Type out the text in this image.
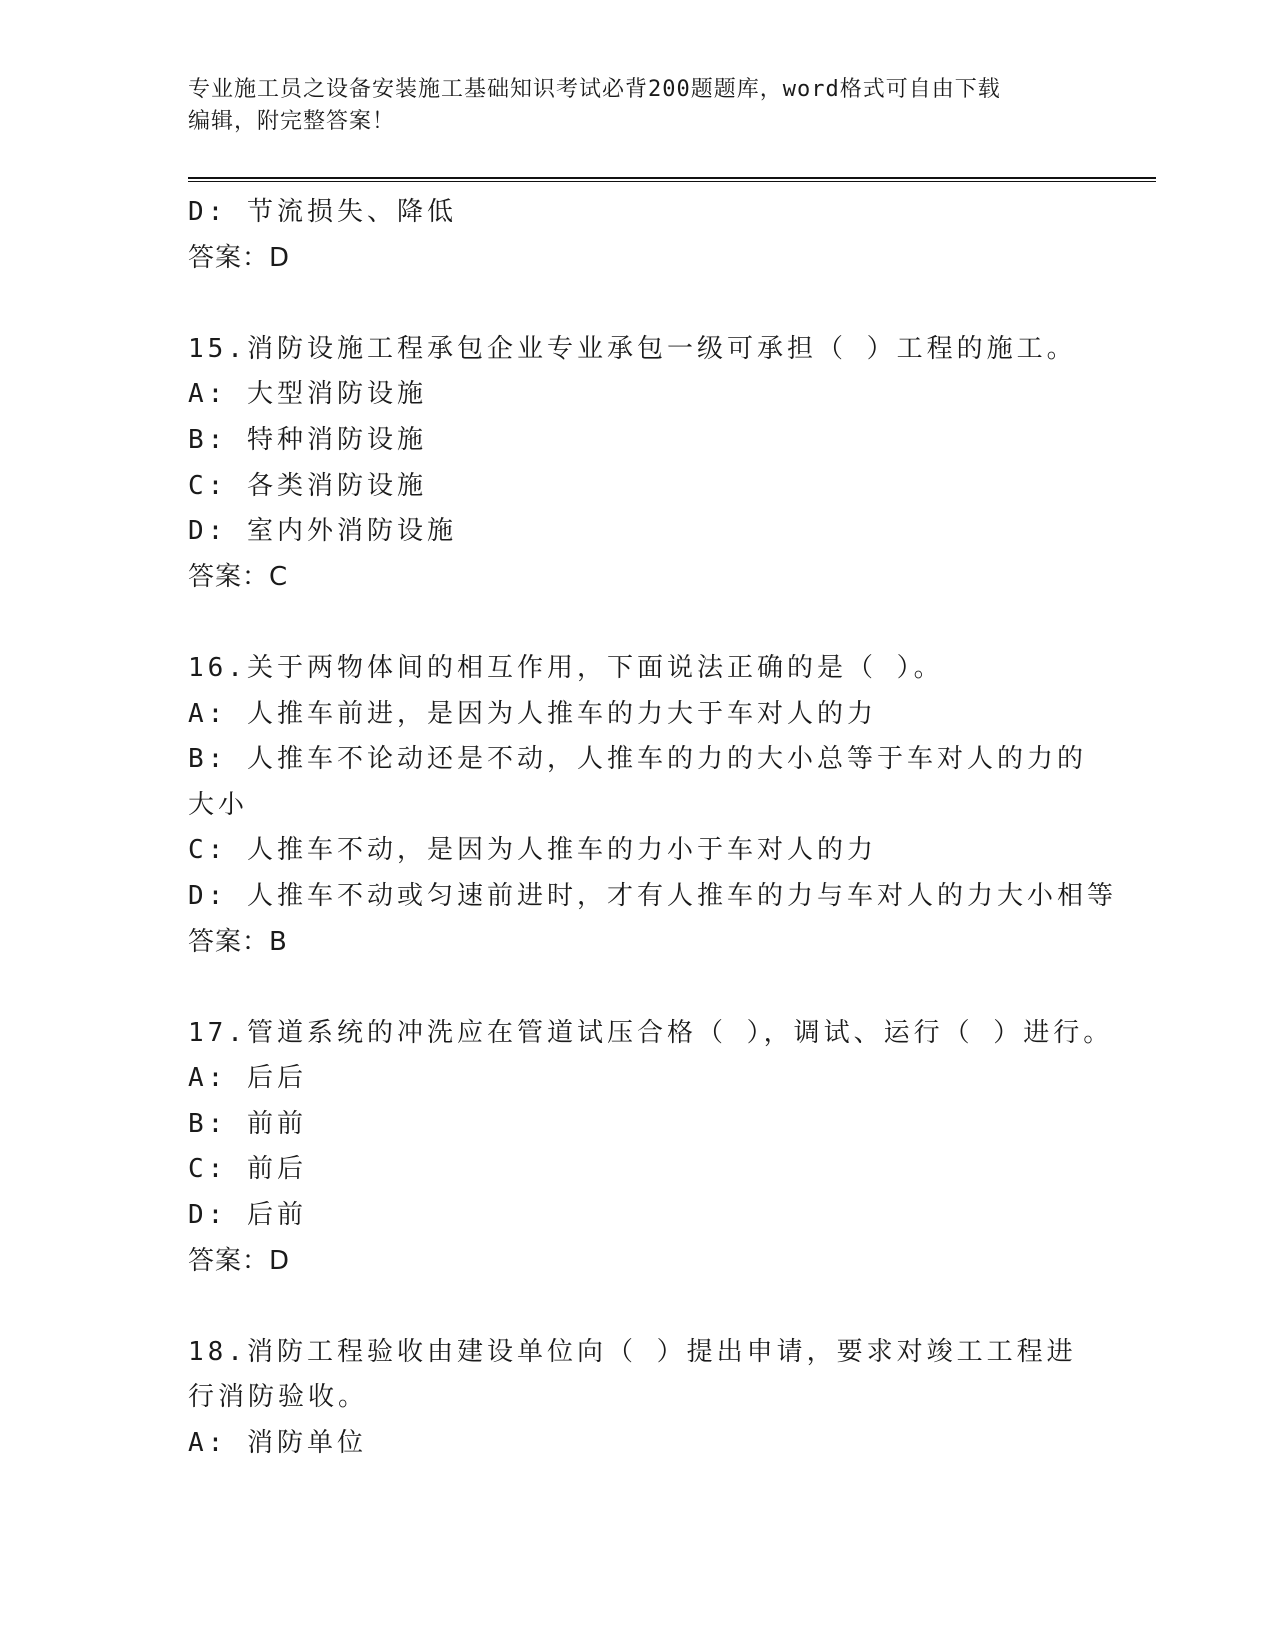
专业施工员之设备安装施工基础知识考试必背200题题库，word格式可自由下载
编辑，附完整答案！
D: 节流损失、降低
答案：D
15.消防设施工程承包企业专业承包一级可承担（ ）工程的施工。
A: 大型消防设施
B: 特种消防设施
C: 各类消防设施
D: 室内外消防设施
答案：C
16.关于两物体间的相互作用，下面说法正确的是（ ）。
A: 人推车前进，是因为人推车的力大于车对人的力
B: 人推车不论动还是不动，人推车的力的大小总等于车对人的力的大小
C: 人推车不动，是因为人推车的力小于车对人的力
D: 人推车不动或匀速前进时，才有人推车的力与车对人的力大小相等
答案：B
17.管道系统的冲洗应在管道试压合格（ ），调试、运行（ ）进行。
A: 后后
B: 前前
C: 前后
D: 后前
答案：D
18.消防工程验收由建设单位向（ ）提出申请，要求对竣工工程进行消防验收。
A: 消防单位
